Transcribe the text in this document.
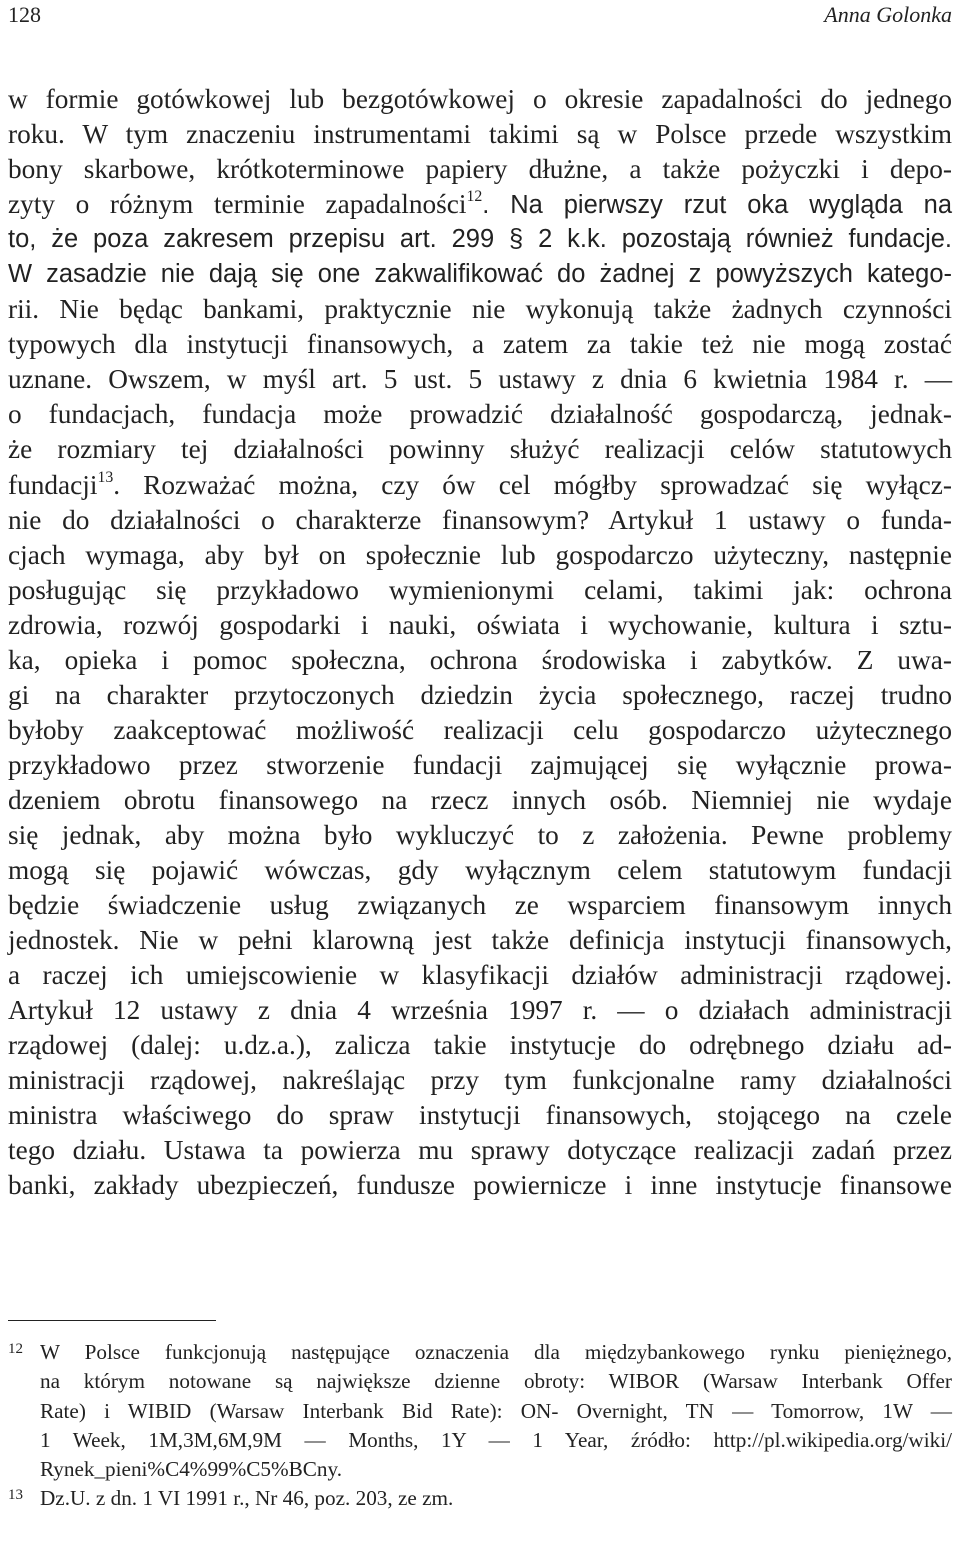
128	Anna Golonka
w formie gotówkowej lub bezgotówkowej o okresie zapadalności do jednego
roku. W tym znaczeniu instrumentami takimi są w Polsce przede wszystkim
bony skarbowe, krótkoterminowe papiery dłużne, a także pożyczki i depo-
zyty o różnym terminie zapadalności$^{12}$. Na pierwszy rzut oka wygląda na
to, że poza zakresem przepisu art. 299 § 2 k.k. pozostają również fundacje.
W zasadzie nie dają się one zakwalifikować do żadnej z powyższych katego-
rii. Nie będąc bankami, praktycznie nie wykonują także żadnych czynności
typowych dla instytucji finansowych, a zatem za takie też nie mogą zostać
uznane. Owszem, w myśl art. 5 ust. 5 ustawy z dnia 6 kwietnia 1984 r. —
o fundacjach, fundacja może prowadzić działalność gospodarczą, jednak-
że rozmiary tej działalności powinny służyć realizacji celów statutowych
fundacji$^{13}$. Rozważać można, czy ów cel mógłby sprowadzać się wyłącz-
nie do działalności o charakterze finansowym? Artykuł 1 ustawy o funda-
cjach wymaga, aby był on społecznie lub gospodarczo użyteczny, następnie
posługując się przykładowo wymienionymi celami, takimi jak: ochrona
zdrowia, rozwój gospodarki i nauki, oświata i wychowanie, kultura i sztu-
ka, opieka i pomoc społeczna, ochrona środowiska i zabytków. Z uwa-
gi na charakter przytoczonych dziedzin życia społecznego, raczej trudno
byłoby zaakceptować możliwość realizacji celu gospodarczo użytecznego
przykładowo przez stworzenie fundacji zajmującej się wyłącznie prowa-
dzeniem obrotu finansowego na rzecz innych osób. Niemniej nie wydaje
się jednak, aby można było wykluczyć to z założenia. Pewne problemy
mogą się pojawić wówczas, gdy wyłącznym celem statutowym fundacji
będzie świadczenie usług związanych ze wsparciem finansowym innych
jednostek. Nie w pełni klarowną jest także definicja instytucji finansowych,
a raczej ich umiejscowienie w klasyfikacji działów administracji rządowej.
Artykuł 12 ustawy z dnia 4 września 1997 r. — o działach administracji
rządowej (dalej: u.dz.a.), zalicza takie instytucje do odrębnego działu ad-
ministracji rządowej, nakreślając przy tym funkcjonalne ramy działalności
ministra właściwego do spraw instytucji finansowych, stojącego na czele
tego działu. Ustawa ta powierza mu sprawy dotyczące realizacji zadań przez
banki, zakłady ubezpieczeń, fundusze powiernicze i inne instytucje finansowe
12 W Polsce funkcjonują następujące oznaczenia dla międzybankowego rynku pieniężnego,
na którym notowane są największe dzienne obroty: WIBOR (Warsaw Interbank Offer
Rate) i WIBID (Warsaw Interbank Bid Rate): ON- Overnight, TN — Tomorrow, 1W —
1 Week, 1M,3M,6M,9M — Months, 1Y — 1 Year, źródło: http://pl.wikipedia.org/wiki/
Rynek_pieni%C4%99%C5%BCny.
13 Dz.U. z dn. 1 VI 1991 r., Nr 46, poz. 203, ze zm.
